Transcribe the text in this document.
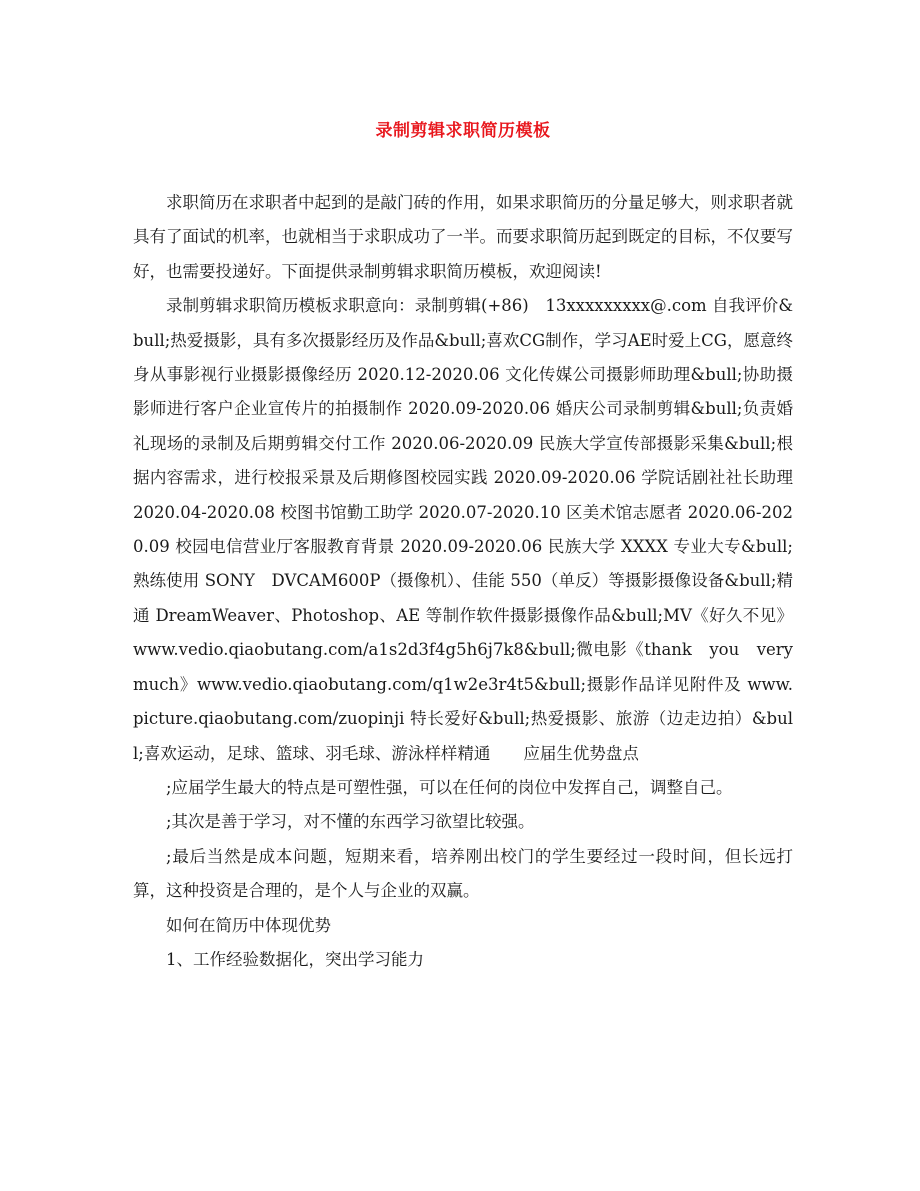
录制剪辑求职简历模板

求职简历在求职者中起到的是敲门砖的作用，如果求职简历的分量足够大，则求职者就具有了面试的机率，也就相当于求职成功了一半。而要求职简历起到既定的目标，不仅要写好，也需要投递好。下面提供录制剪辑求职简历模板，欢迎阅读!

录制剪辑求职简历模板求职意向：录制剪辑(+86)　13xxxxxxxxx@.com 自我评价&bull;热爱摄影，具有多次摄影经历及作品&bull;喜欢CG制作，学习AE时爱上CG，愿意终身从事影视行业摄影摄像经历 2020.12-2020.06 文化传媒公司摄影师助理&bull;协助摄影师进行客户企业宣传片的拍摄制作 2020.09-2020.06 婚庆公司录制剪辑&bull;负责婚礼现场的录制及后期剪辑交付工作 2020.06-2020.09 民族大学宣传部摄影采集&bull;根据内容需求，进行校报采景及后期修图校园实践 2020.09-2020.06 学院话剧社社长助理 2020.04-2020.08 校图书馆勤工助学 2020.07-2020.10 区美术馆志愿者 2020.06-2020.09 校园电信营业厅客服教育背景 2020.09-2020.06 民族大学 XXXX 专业大专&bull;熟练使用 SONY　DVCAM600P（摄像机）、佳能 550（单反）等摄影摄像设备&bull;精通 DreamWeaver、Photoshop、AE 等制作软件摄影摄像作品&bull;MV《好久不见》 www.vedio.qiaobutang.com/a1s2d3f4g5h6j7k8&bull;微电影《thank　you　very much》www.vedio.qiaobutang.com/q1w2e3r4t5&bull;摄影作品详见附件及 www.picture.qiaobutang.com/zuopinji 特长爱好&bull;热爱摄影、旅游（边走边拍）&bull;喜欢运动，足球、篮球、羽毛球、游泳样样精通　　应届生优势盘点

;应届学生最大的特点是可塑性强，可以在任何的岗位中发挥自己，调整自己。

;其次是善于学习，对不懂的东西学习欲望比较强。

;最后当然是成本问题，短期来看，培养刚出校门的学生要经过一段时间，但长远打算，这种投资是合理的，是个人与企业的双赢。

如何在简历中体现优势

1、工作经验数据化，突出学习能力
